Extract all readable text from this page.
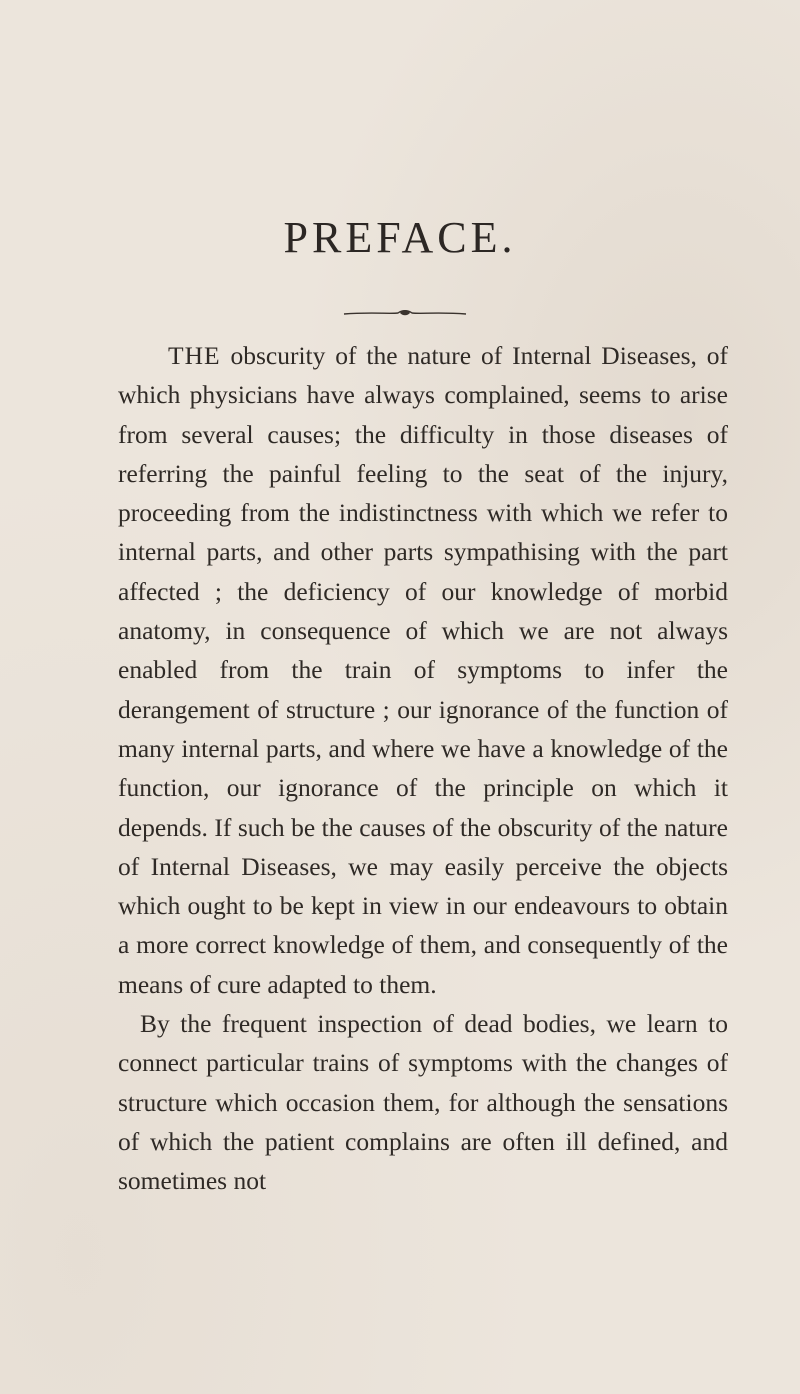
PREFACE.

THE obscurity of the nature of Internal Diseases, of which physicians have always complained, seems to arise from several causes; the difficulty in those diseases of referring the painful feeling to the seat of the injury, proceeding from the indistinctness with which we refer to internal parts, and other parts sympathising with the part affected ; the deficiency of our knowledge of morbid anatomy, in consequence of which we are not always enabled from the train of symptoms to infer the derangement of structure ; our ignorance of the function of many internal parts, and where we have a knowledge of the function, our ignorance of the principle on which it depends. If such be the causes of the obscurity of the nature of Internal Diseases, we may easily perceive the objects which ought to be kept in view in our endeavours to obtain a more correct knowledge of them, and consequently of the means of cure adapted to them.

By the frequent inspection of dead bodies, we learn to connect particular trains of symptoms with the changes of structure which occasion them, for although the sensations of which the patient complains are often ill defined, and sometimes not
